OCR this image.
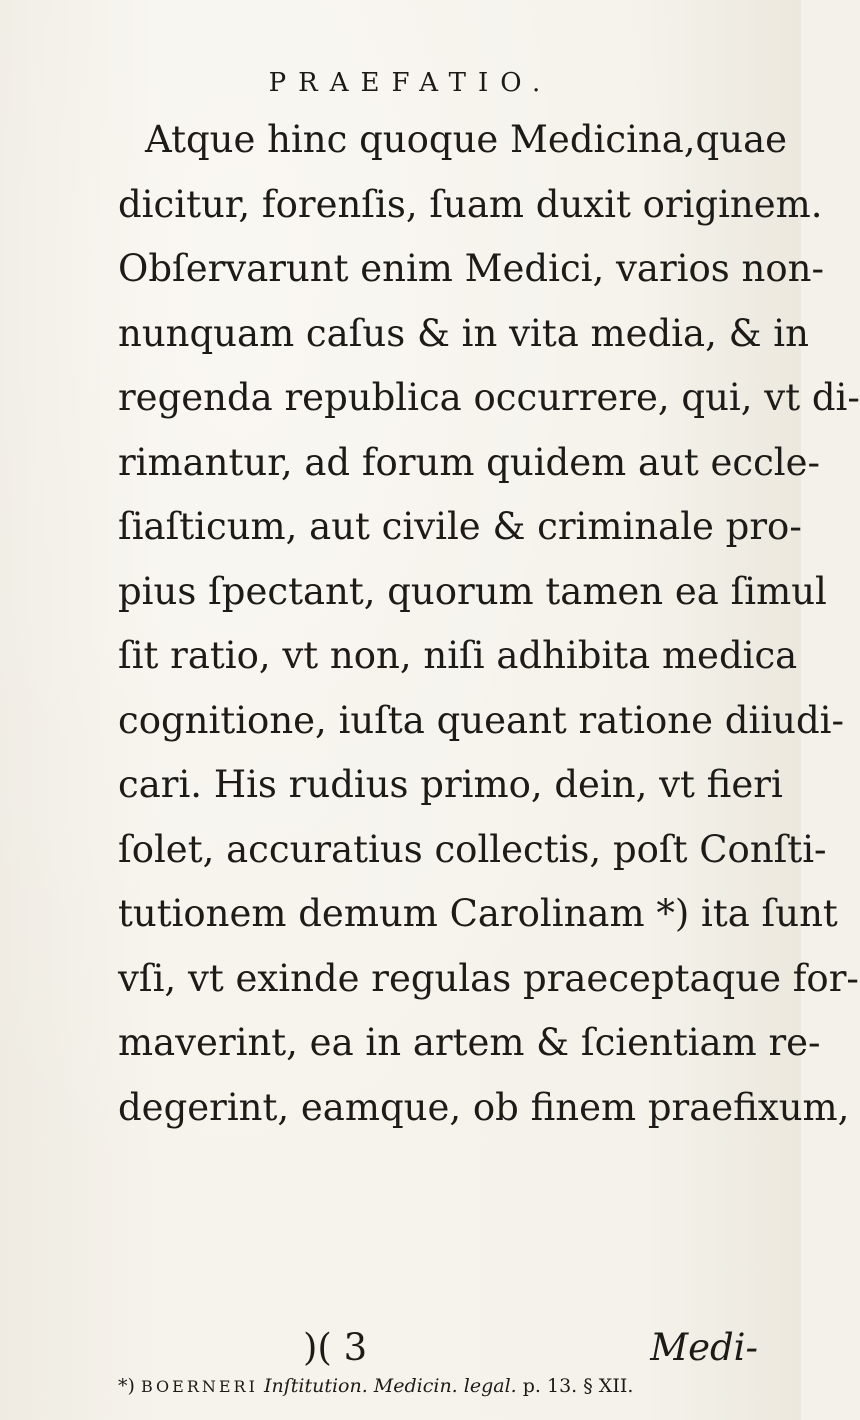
PRAEFATIO.
Atque hinc quoque Medicina,quae
dicitur, forenſis, ſuam duxit originem.
Obſervarunt enim Medici, varios non-
nunquam caſus & in vita media, & in
regenda republica occurrere, qui, vt di-
rimantur, ad forum quidem aut eccle-
ſiaſticum, aut civile & criminale pro-
pius ſpectant, quorum tamen ea ſimul
ſit ratio, vt non, niſi adhibita medica
cognitione, iuſta queant ratione diiudi-
cari. His rudius primo, dein, vt fieri
ſolet, accuratius collectis, poſt Conſti-
tutionem demum Carolinam *) ita ſunt
vſi, vt exinde regulas praeceptaque for-
maverint, ea in artem & ſcientiam re-
degerint, eamque, ob finem praefixum,
)( 3	Medi-
*) BOERNERI Inſtitution. Medicin. legal. p. 13. § XII.
